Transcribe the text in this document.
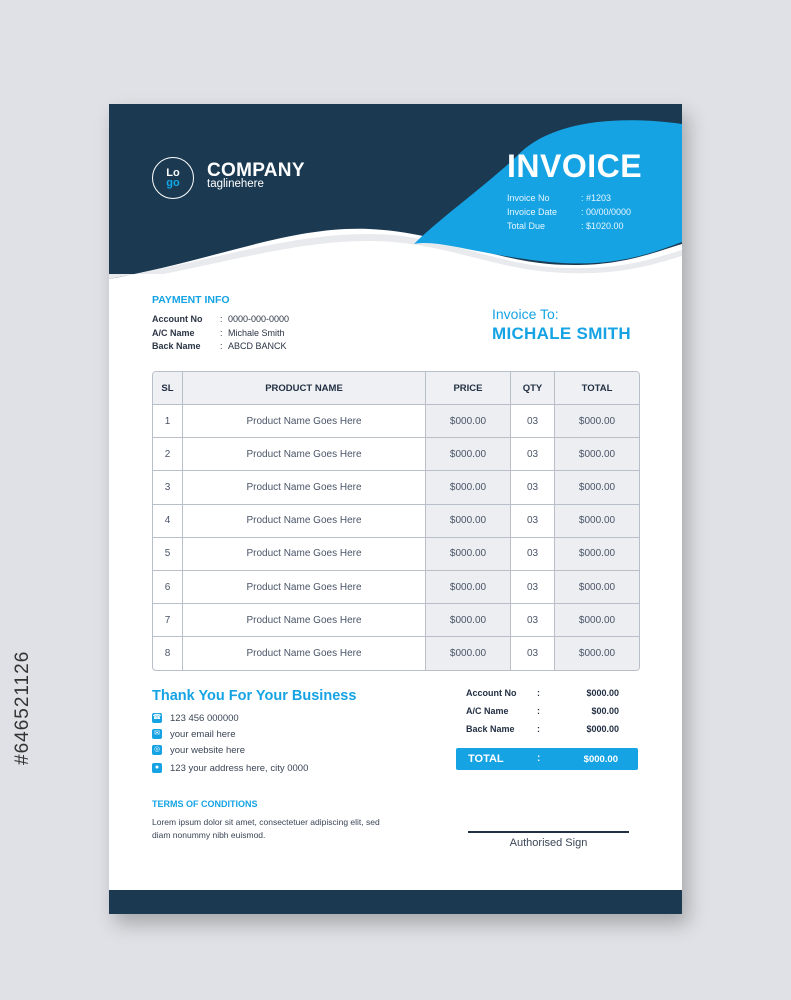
#646521126
Lo
go
COMPANY
taglinehere	INVOICE
Invoice No	: #1203
Invoice Date	: 00/00/0000
Total Due	: $1020.00
PAYMENT INFO
Account No : 0000-000-0000
A/C Name	: Michale Smith
Back Name : ABCD BANCK
Invoice To:
MICHALE SMITH
SL	PRODUCT NAME	PRICE	QTY	TOTAL
1	Product Name Goes Here	$000.00	03	$000.00
2	Product Name Goes Here	$000.00	03	$000.00
3	Product Name Goes Here	$000.00	03	$000.00
4	Product Name Goes Here	$000.00	03	$000.00
5	Product Name Goes Here	$000.00	03	$000.00
6	Product Name Goes Here	$000.00	03	$000.00
7	Product Name Goes Here	$000.00	03	$000.00
8	Product Name Goes Here	$000.00	03	$000.00
Thank You For Your Business
☎ 123 456 000000
✉ your email here
◎ your website here
●	123 your address here, city 0000
TERMS OF CONDITIONS
Lorem ipsum dolor sit amet, consectetuer adipiscing elit, sed diam nonummy nibh euismod.
Account No :	$000.00
A/C Name	:	$00.00
Back Name :	$000.00
TOTAL	:	$000.00
Authorised Sign
